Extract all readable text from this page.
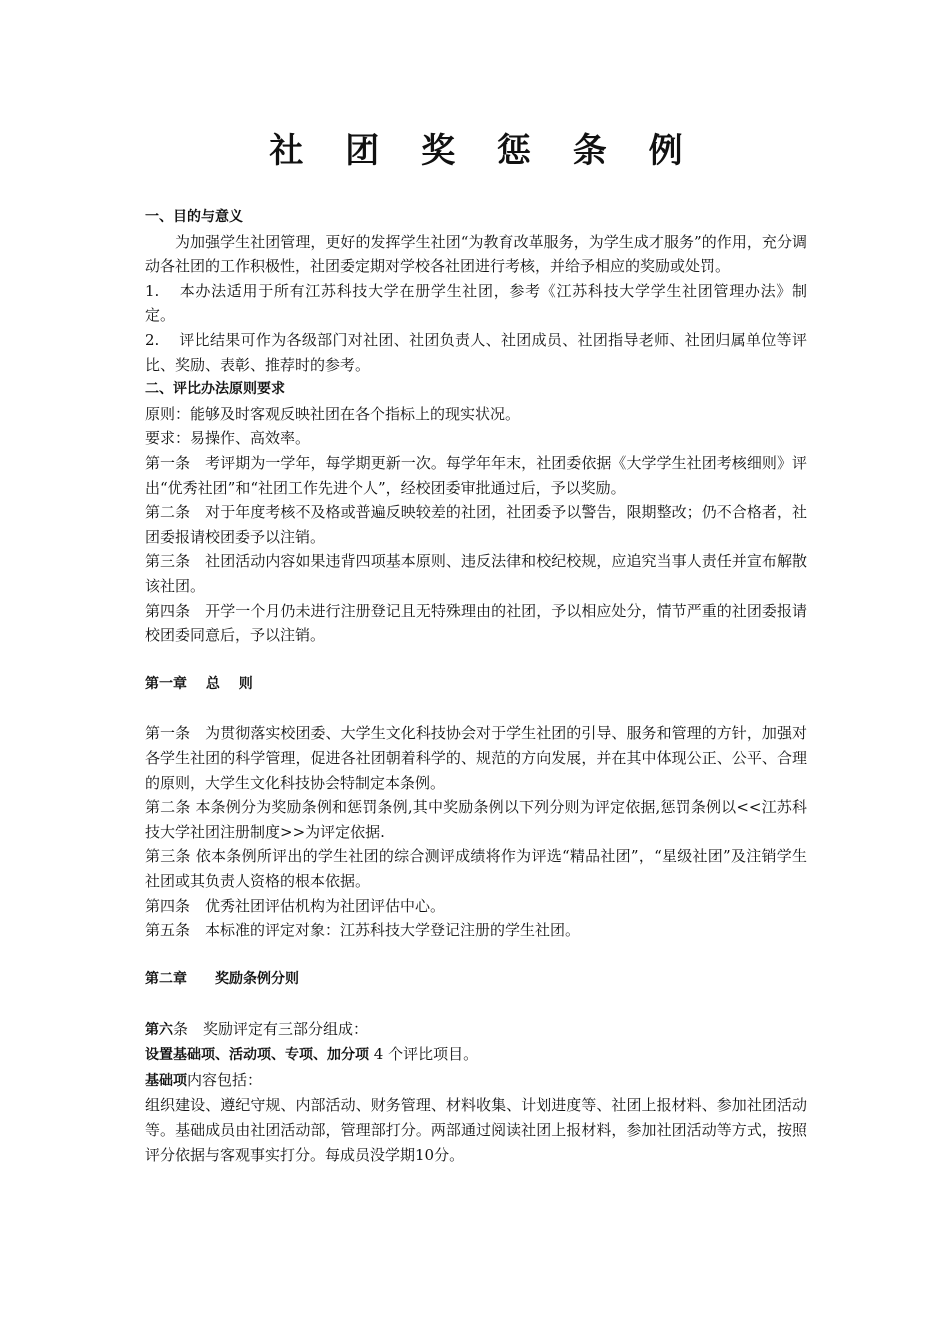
社 团 奖 惩 条 例
一、目的与意义

为加强学生社团管理，更好的发挥学生社团“为教育改革服务，为学生成才服务”的作用，充分调动各社团的工作积极性，社团委定期对学校各社团进行考核，并给予相应的奖励或处罚。

1. 本办法适用于所有江苏科技大学在册学生社团，参考《江苏科技大学学生社团管理办法》制定。

2. 评比结果可作为各级部门对社团、社团负责人、社团成员、社团指导老师、社团归属单位等评比、奖励、表彰、推荐时的参考。

二、评比办法原则要求

原则：能够及时客观反映社团在各个指标上的现实状况。

要求：易操作、高效率。

第一条　考评期为一学年，每学期更新一次。每学年年末，社团委依据《大学学生社团考核细则》评出“优秀社团”和“社团工作先进个人”，经校团委审批通过后，予以奖励。

第二条　对于年度考核不及格或普遍反映较差的社团，社团委予以警告，限期整改；仍不合格者，社团委报请校团委予以注销。

第三条　社团活动内容如果违背四项基本原则、违反法律和校纪校规，应追究当事人责任并宣布解散该社团。

第四条　开学一个月仍未进行注册登记且无特殊理由的社团，予以相应处分，情节严重的社团委报请校团委同意后，予以注销。

第一章　 总　 则

第一条　为贯彻落实校团委、大学生文化科技协会对于学生社团的引导、服务和管理的方针，加强对各学生社团的科学管理，促进各社团朝着科学的、规范的方向发展，并在其中体现公正、公平、合理的原则，大学生文化科技协会特制定本条例。

第二条 本条例分为奖励条例和惩罚条例,其中奖励条例以下列分则为评定依据,惩罚条例以<<江苏科技大学社团注册制度>>为评定依据.

第三条 依本条例所评出的学生社团的综合测评成绩将作为评选“精品社团”，“星级社团”及注销学生社团或其负责人资格的根本依据。

第四条　优秀社团评估机构为社团评估中心。

第五条　本标准的评定对象：江苏科技大学登记注册的学生社团。

第二章　　奖励条例分则

第六条　奖励评定有三部分组成：

设置基础项、活动项、专项、加分项 4 个评比项目。

基础项内容包括：

组织建设、遵纪守规、内部活动、财务管理、材料收集、计划进度等、社团上报材料、参加社团活动等。基础成员由社团活动部，管理部打分。两部通过阅读社团上报材料，参加社团活动等方式，按照评分依据与客观事实打分。每成员没学期10分。
